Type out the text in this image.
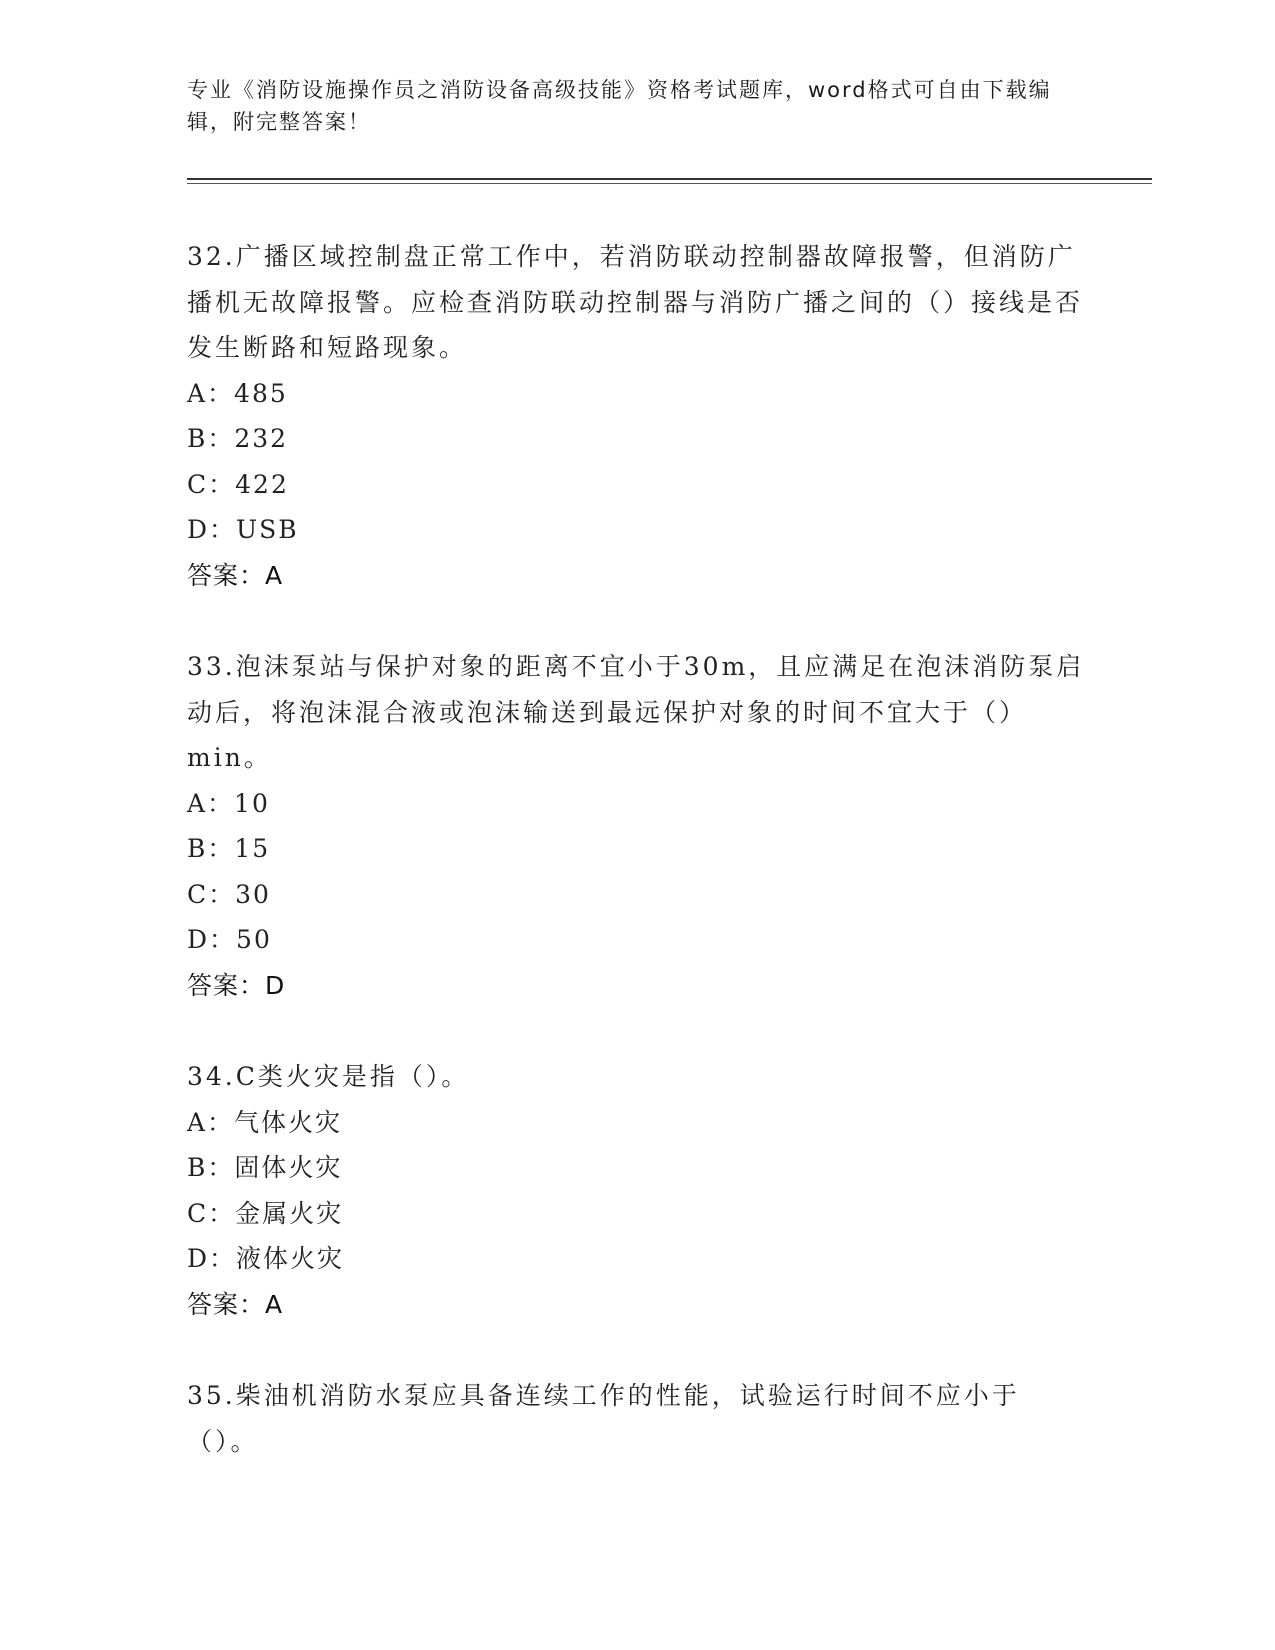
专业《消防设施操作员之消防设备高级技能》资格考试题库，word格式可自由下载编辑，附完整答案！

32.广播区域控制盘正常工作中，若消防联动控制器故障报警，但消防广播机无故障报警。应检查消防联动控制器与消防广播之间的（）接线是否发生断路和短路现象。

A：485

B：232

C：422

D：USB

答案：A

33.泡沫泵站与保护对象的距离不宜小于30m，且应满足在泡沫消防泵启动后，将泡沫混合液或泡沫输送到最远保护对象的时间不宜大于（）min。

A：10

B：15

C：30

D：50

答案：D

34.C类火灾是指（）。

A：气体火灾

B：固体火灾

C：金属火灾

D：液体火灾

答案：A

35.柴油机消防水泵应具备连续工作的性能，试验运行时间不应小于（）。
